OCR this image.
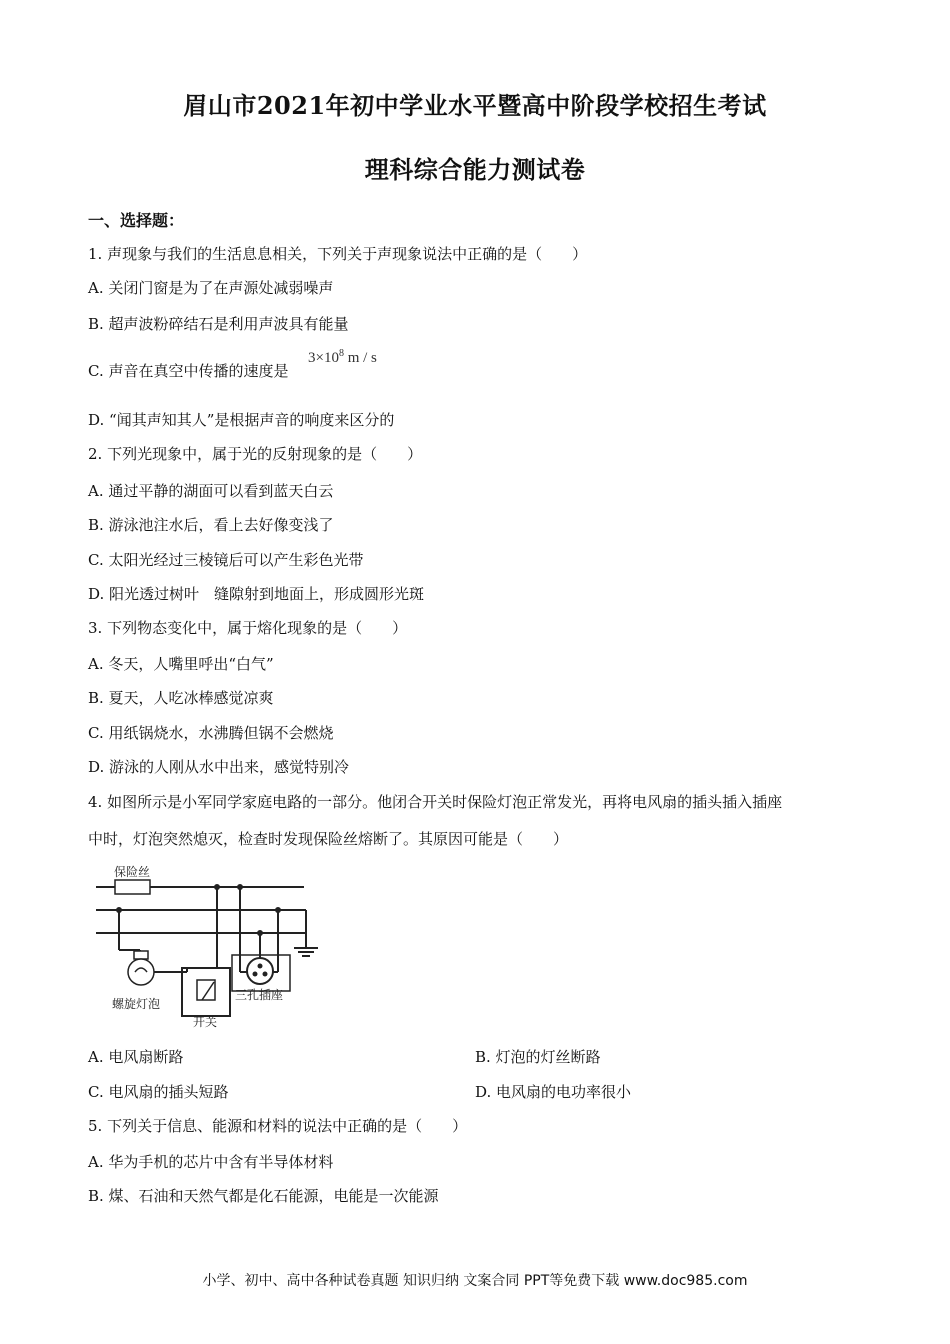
眉山市2021年初中学业水平暨高中阶段学校招生考试
理科综合能力测试卷
一、选择题：
1. 声现象与我们的生活息息相关，下列关于声现象说法中正确的是（　　）
A. 关闭门窗是为了在声源处减弱噪声
B. 超声波粉碎结石是利用声波具有能量
C. 声音在真空中传播的速度是
$3\times 10^8$ m / s
D. “闻其声知其人”是根据声音的响度来区分的
2. 下列光现象中，属于光的反射现象的是（　　）
A. 通过平静的湖面可以看到蓝天白云
B. 游泳池注水后，看上去好像变浅了
C. 太阳光经过三棱镜后可以产生彩色光带
D. 阳光透过树叶　缝隙射到地面上，形成圆形光斑
3. 下列物态变化中，属于熔化现象的是（　　）
A. 冬天，人嘴里呼出“白气”
B. 夏天，人吃冰棒感觉凉爽
C. 用纸锅烧水，水沸腾但锅不会燃烧
D. 游泳的人刚从水中出来，感觉特别冷
4. 如图所示是小军同学家庭电路的一部分。他闭合开关时保险灯泡正常发光，再将电风扇的插头插入插座
中时，灯泡突然熄灭，检查时发现保险丝熔断了。其原因可能是（　　）
保险丝
螺旋灯泡
开关
三孔插座
A. 电风扇断路	B. 灯泡的灯丝断路
C. 电风扇的插头短路	D. 电风扇的电功率很小
5. 下列关于信息、能源和材料的说法中正确的是（　　）
A. 华为手机的芯片中含有半导体材料
B. 煤、石油和天然气都是化石能源，电能是一次能源
小学、初中、高中各种试卷真题 知识归纳 文案合同 PPT等免费下载 www.doc985.com
